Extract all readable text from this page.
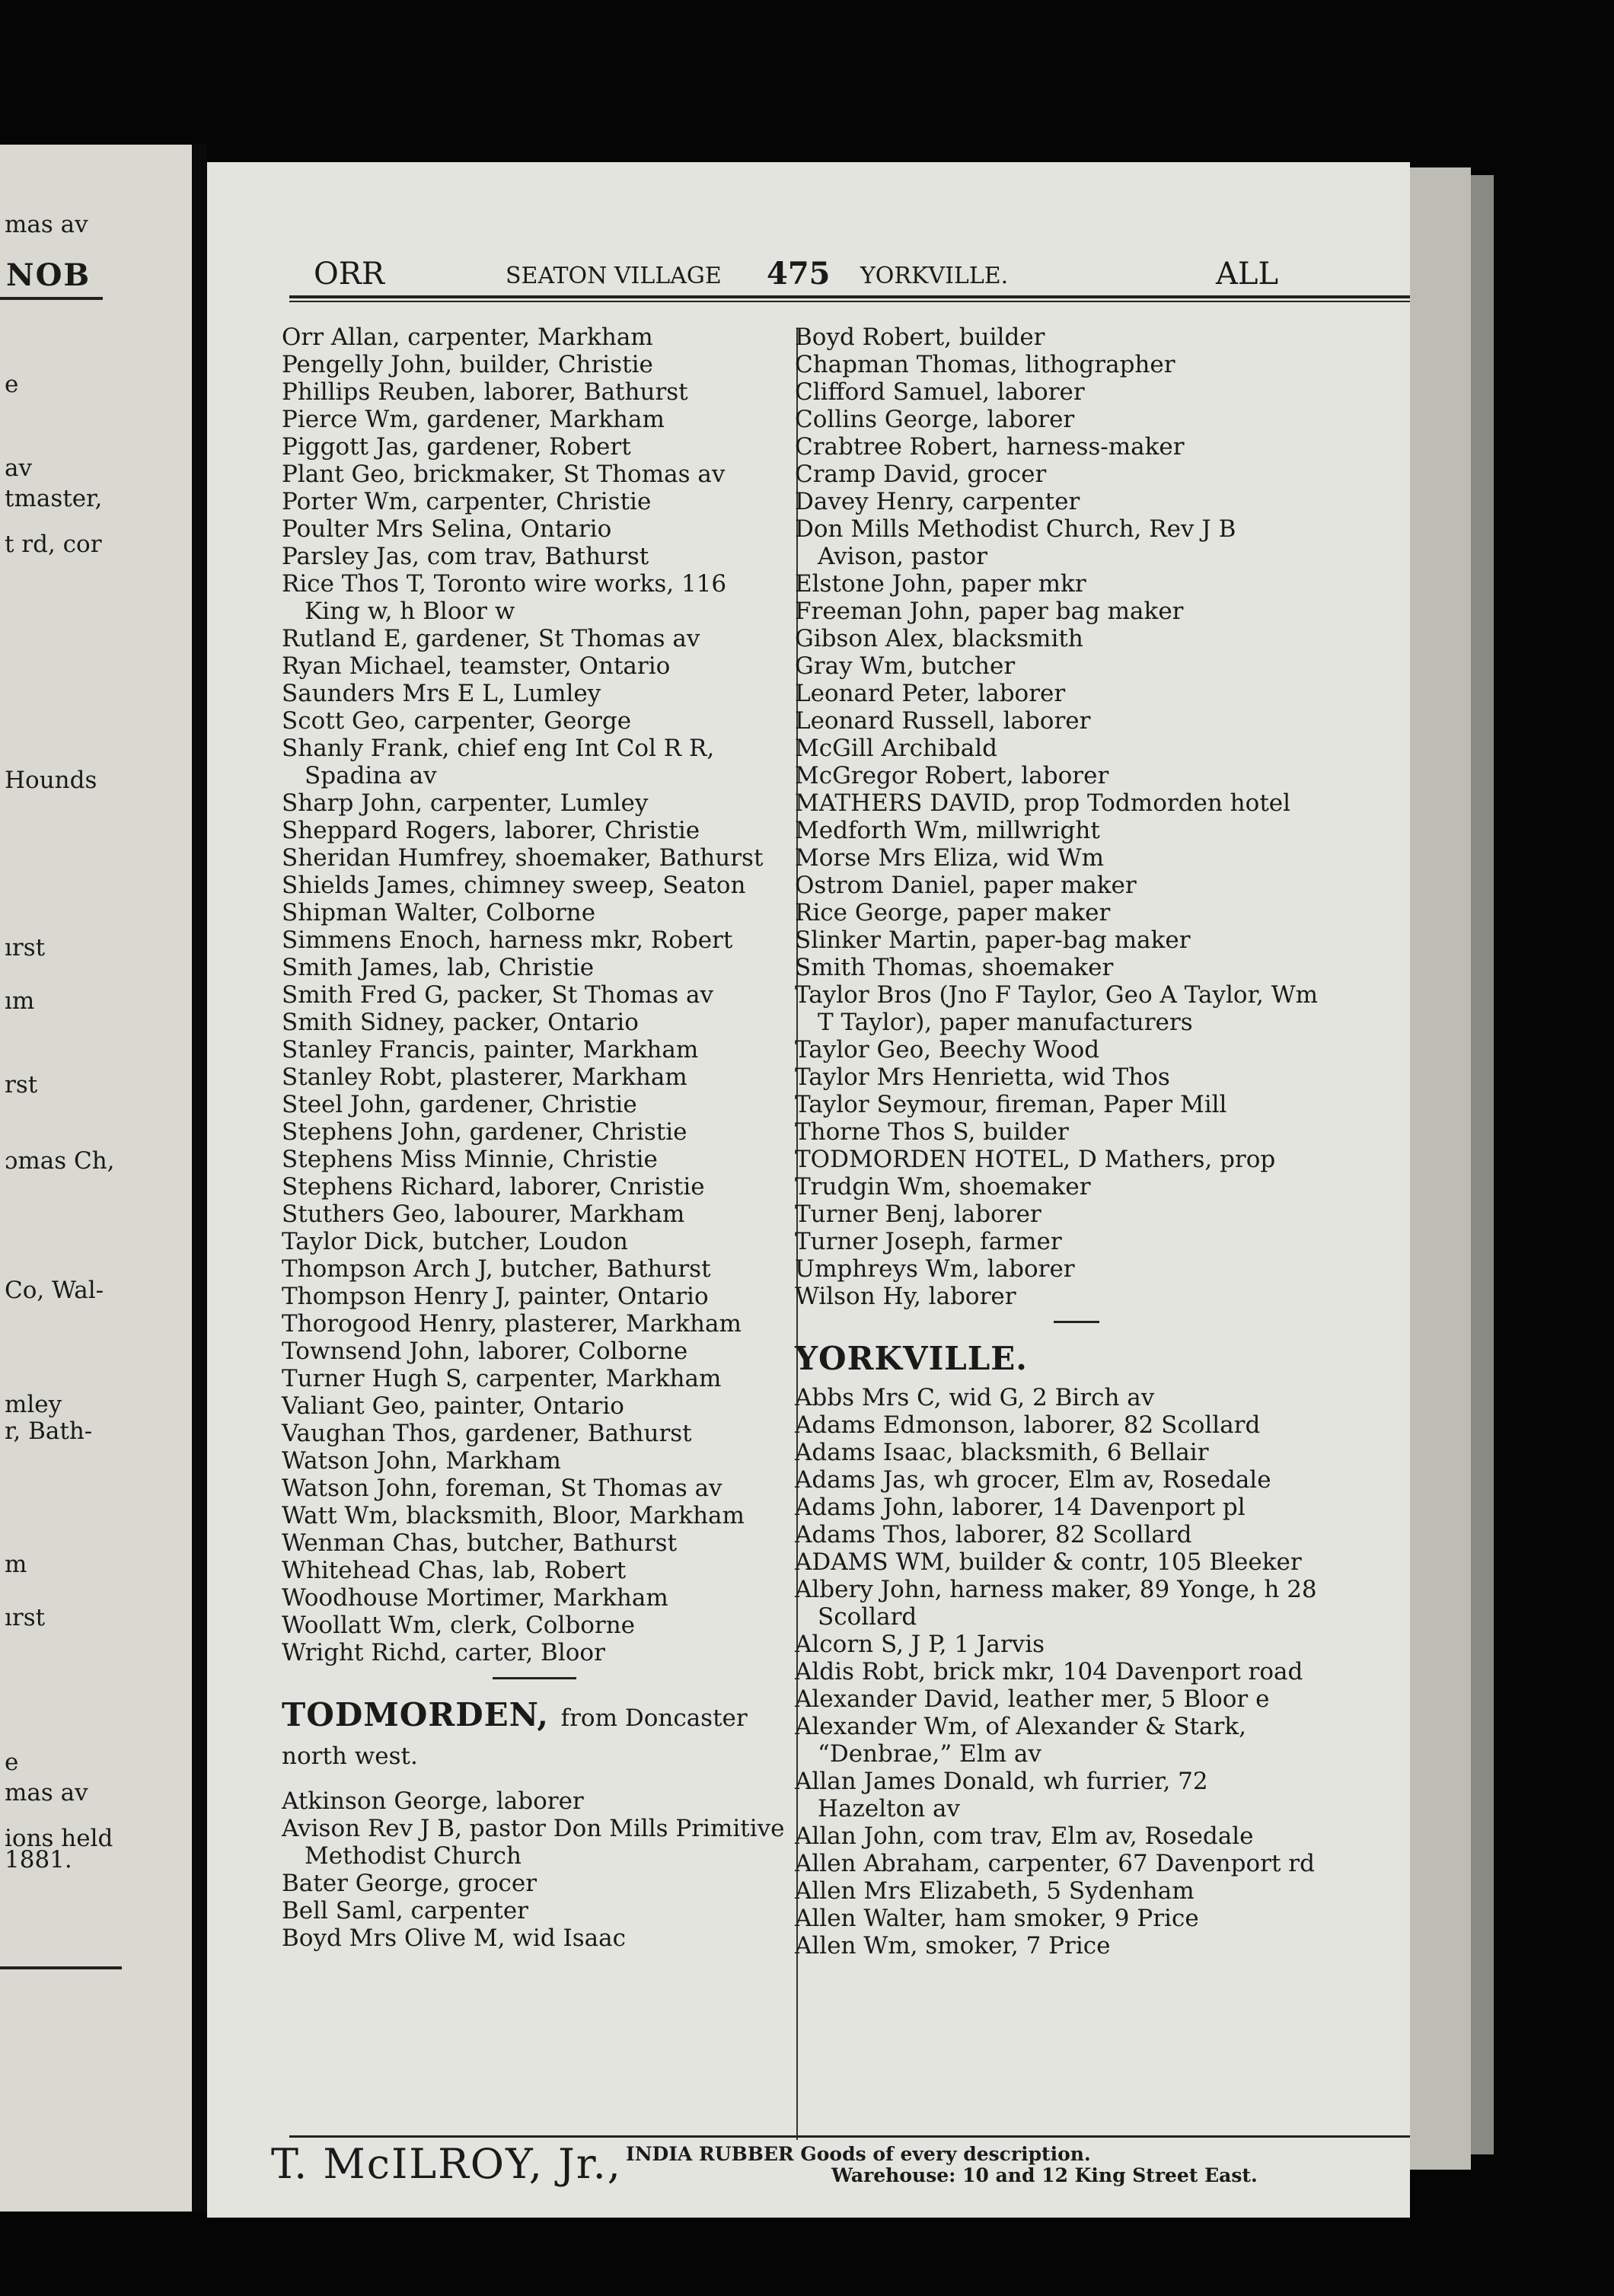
NOB
mas av
e
av
tmaster,
t rd, cor
Hounds
ırst
ım
rst
ɔmas Ch,
Co, Wal-
mley
r, Bath-
m
ırst
e
mas av
ions held
1881.
ORR	SEATON VILLAGE 475 YORKVILLE.	ALL

Orr Allan, carpenter, Markham

Pengelly John, builder, Christie

Phillips Reuben, laborer, Bathurst

Pierce Wm, gardener, Markham

Piggott Jas, gardener, Robert

Plant Geo, brickmaker, St Thomas av

Porter Wm, carpenter, Christie

Poulter Mrs Selina, Ontario

Parsley Jas, com trav, Bathurst

Rice Thos T, Toronto wire works, 116 King w, h Bloor w

Rutland E, gardener, St Thomas av

Ryan Michael, teamster, Ontario

Saunders Mrs E L, Lumley

Scott Geo, carpenter, George

Shanly Frank, chief eng Int Col R R, Spadina av

Sharp John, carpenter, Lumley

Sheppard Rogers, laborer, Christie

Sheridan Humfrey, shoemaker, Bathurst

Shields James, chimney sweep, Seaton

Shipman Walter, Colborne

Simmens Enoch, harness mkr, Robert

Smith James, lab, Christie

Smith Fred G, packer, St Thomas av

Smith Sidney, packer, Ontario

Stanley Francis, painter, Markham

Stanley Robt, plasterer, Markham

Steel John, gardener, Christie

Stephens John, gardener, Christie

Stephens Miss Minnie, Christie

Stephens Richard, laborer, Cnristie

Stuthers Geo, labourer, Markham

Taylor Dick, butcher, Loudon

Thompson Arch J, butcher, Bathurst

Thompson Henry J, painter, Ontario

Thorogood Henry, plasterer, Markham

Townsend John, laborer, Colborne

Turner Hugh S, carpenter, Markham

Valiant Geo, painter, Ontario

Vaughan Thos, gardener, Bathurst

Watson John, Markham

Watson John, foreman, St Thomas av

Watt Wm, blacksmith, Bloor, Markham

Wenman Chas, butcher, Bathurst

Whitehead Chas, lab, Robert

Woodhouse Mortimer, Markham

Woollatt Wm, clerk, Colborne

Wright Richd, carter, Bloor

TODMORDEN, from Doncaster north west.

Atkinson George, laborer

Avison Rev J B, pastor Don Mills Primitive Methodist Church

Bater George, grocer

Bell Saml, carpenter

Boyd Mrs Olive M, wid Isaac

Boyd Robert, builder

Chapman Thomas, lithographer

Clifford Samuel, laborer

Collins George, laborer

Crabtree Robert, harness-maker

Cramp David, grocer

Davey Henry, carpenter

Don Mills Methodist Church, Rev J B Avison, pastor

Elstone John, paper mkr

Freeman John, paper bag maker

Gibson Alex, blacksmith

Gray Wm, butcher

Leonard Peter, laborer

Leonard Russell, laborer

McGill Archibald

McGregor Robert, laborer

MATHERS DAVID, prop Todmorden hotel

Medforth Wm, millwright

Morse Mrs Eliza, wid Wm

Ostrom Daniel, paper maker

Rice George, paper maker

Slinker Martin, paper-bag maker

Smith Thomas, shoemaker

Taylor Bros (Jno F Taylor, Geo A Taylor, Wm T Taylor), paper manufacturers

Taylor Geo, Beechy Wood

Taylor Mrs Henrietta, wid Thos

Taylor Seymour, fireman, Paper Mill

Thorne Thos S, builder

TODMORDEN HOTEL, D Mathers, prop

Trudgin Wm, shoemaker

Turner Benj, laborer

Turner Joseph, farmer

Umphreys Wm, laborer

Wilson Hy, laborer

YORKVILLE.

Abbs Mrs C, wid G, 2 Birch av

Adams Edmonson, laborer, 82 Scollard

Adams Isaac, blacksmith, 6 Bellair

Adams Jas, wh grocer, Elm av, Rosedale

Adams John, laborer, 14 Davenport pl

Adams Thos, laborer, 82 Scollard

ADAMS WM, builder & contr, 105 Bleeker

Albery John, harness maker, 89 Yonge, h 28 Scollard

Alcorn S, J P, 1 Jarvis

Aldis Robt, brick mkr, 104 Davenport road

Alexander David, leather mer, 5 Bloor e

Alexander Wm, of Alexander & Stark, “Denbrae,” Elm av

Allan James Donald, wh furrier, 72 Hazelton av

Allan John, com trav, Elm av, Rosedale

Allen Abraham, carpenter, 67 Davenport rd

Allen Mrs Elizabeth, 5 Sydenham

Allen Walter, ham smoker, 9 Price

Allen Wm, smoker, 7 Price

T. McILROY, Jr., INDIA RUBBER Goods of every description.
Warehouse: 10 and 12 King Street East.
